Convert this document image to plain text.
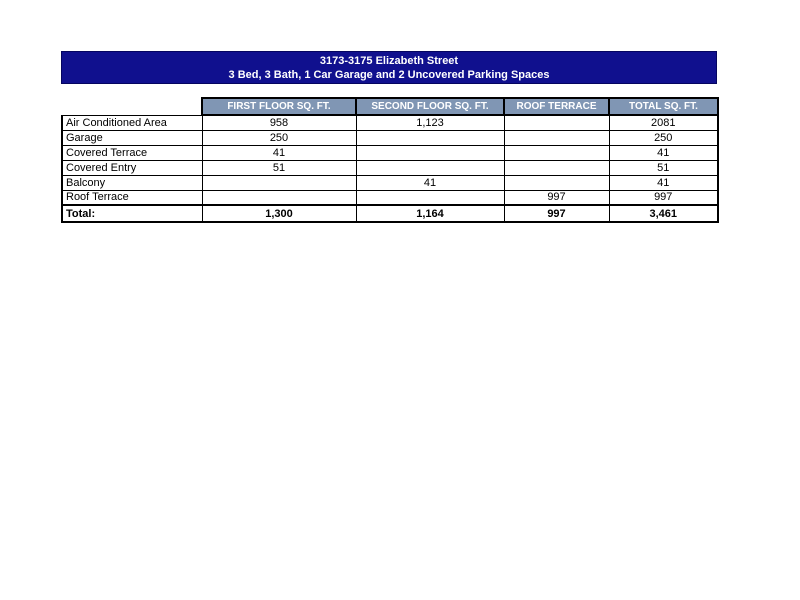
3173-3175 Elizabeth Street
3 Bed, 3 Bath, 1 Car Garage and 2 Uncovered Parking Spaces
	FIRST FLOOR SQ. FT.	SECOND FLOOR SQ. FT.	ROOF TERRACE	TOTAL SQ. FT.
Air Conditioned Area	958	1,123		2081
Garage	250			250
Covered Terrace	41			41
Covered Entry	51			51
Balcony		41		41
Roof Terrace			997	997
Total:	1,300	1,164	997	3,461
